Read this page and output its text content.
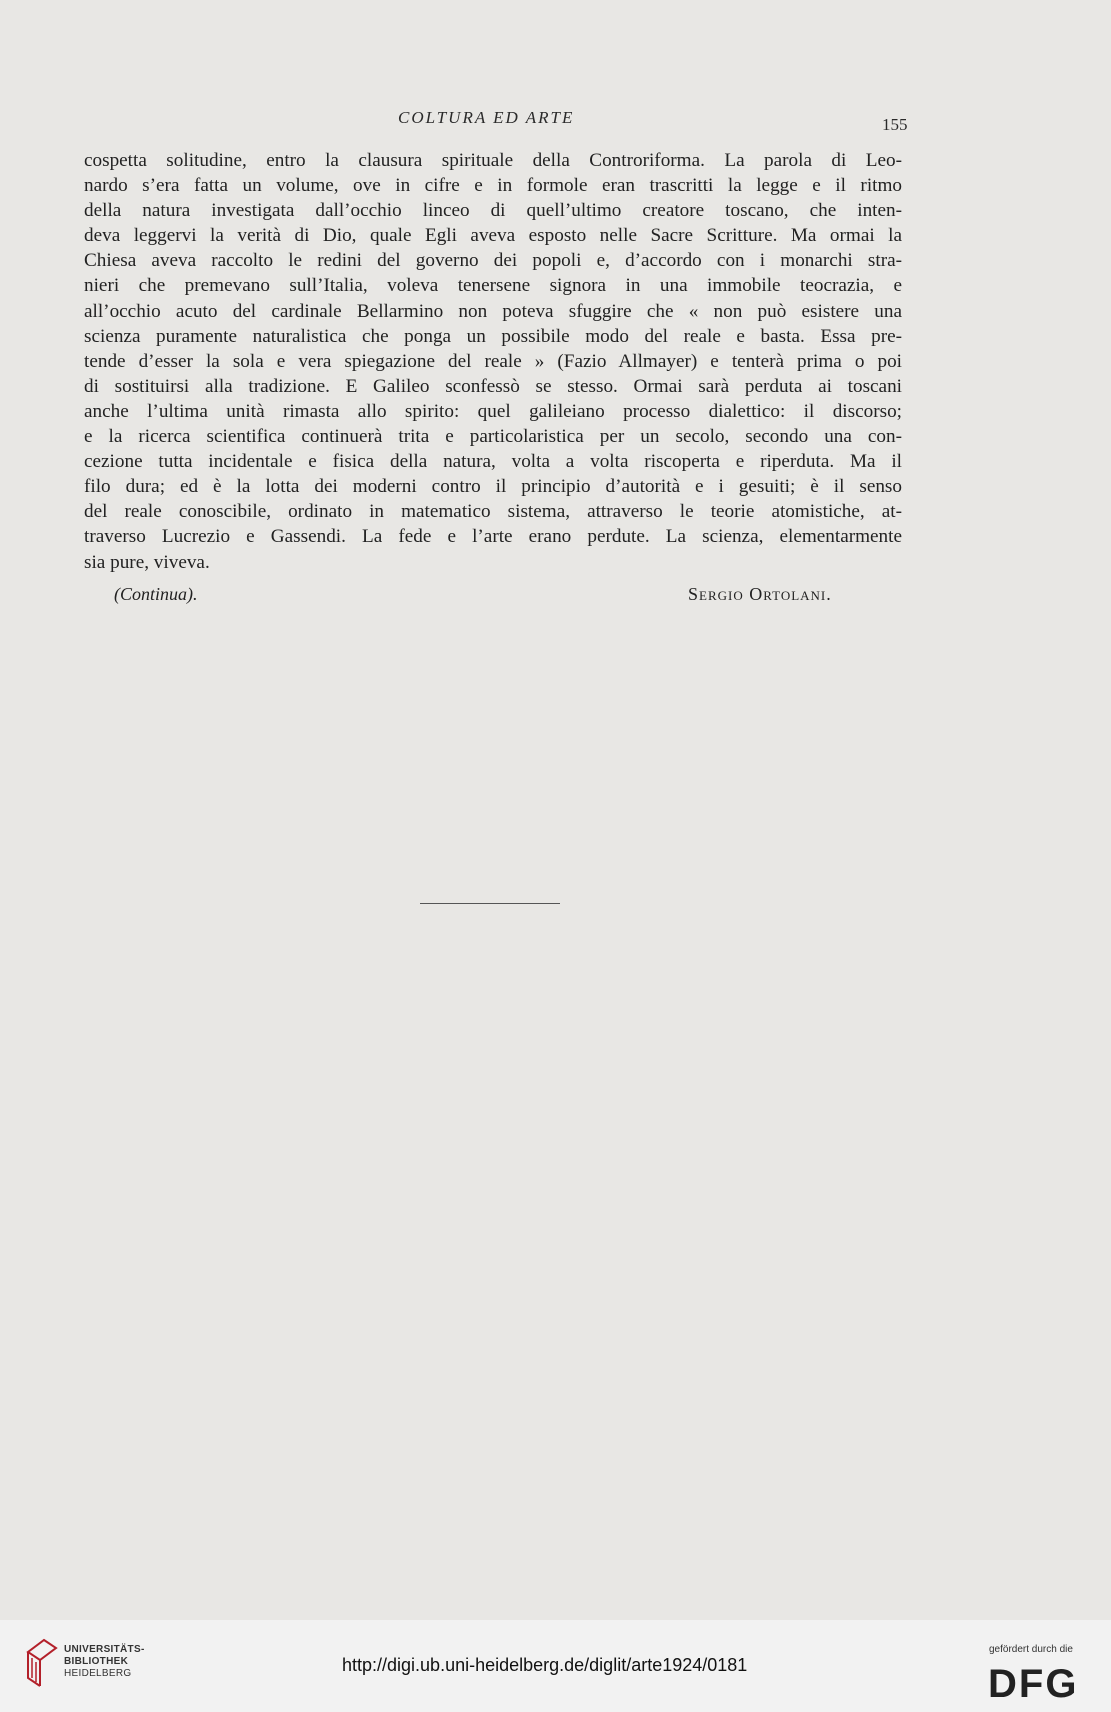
COLTURA ED ARTE	155
cospetta solitudine, entro la clausura spirituale della Controriforma. La parola di Leo-
nardo s’era fatta un volume, ove in cifre e in formole eran trascritti la legge e il ritmo
della natura investigata dall’occhio linceo di quell’ultimo creatore toscano, che inten-
deva leggervi la verità di Dio, quale Egli aveva esposto nelle Sacre Scritture. Ma ormai la
Chiesa aveva raccolto le redini del governo dei popoli e, d’accordo con i monarchi stra-
nieri che premevano sull’Italia, voleva tenersene signora in una immobile teocrazia, e
all’occhio acuto del cardinale Bellarmino non poteva sfuggire che « non può esistere una
scienza puramente naturalistica che ponga un possibile modo del reale e basta. Essa pre-
tende d’esser la sola e vera spiegazione del reale » (Fazio Allmayer) e tenterà prima o poi
di sostituirsi alla tradizione. E Galileo sconfessò se stesso. Ormai sarà perduta ai toscani
anche l’ultima unità rimasta allo spirito: quel galileiano processo dialettico: il discorso;
e la ricerca scientifica continuerà trita e particolaristica per un secolo, secondo una con-
cezione tutta incidentale e fisica della natura, volta a volta riscoperta e riperduta. Ma il
filo dura; ed è la lotta dei moderni contro il principio d’autorità e i gesuiti; è il senso
del reale conoscibile, ordinato in matematico sistema, attraverso le teorie atomistiche, at-
traverso Lucrezio e Gassendi. La fede e l’arte erano perdute. La scienza, elementarmente
sia pure, viveva.
(Continua).	Sergio Ortolani.
UNIVERSITÄTS-
BIBLIOTHEK
HEIDELBERG	http://digi.ub.uni-heidelberg.de/diglit/arte1924/0181
gefördert durch die
DFG
